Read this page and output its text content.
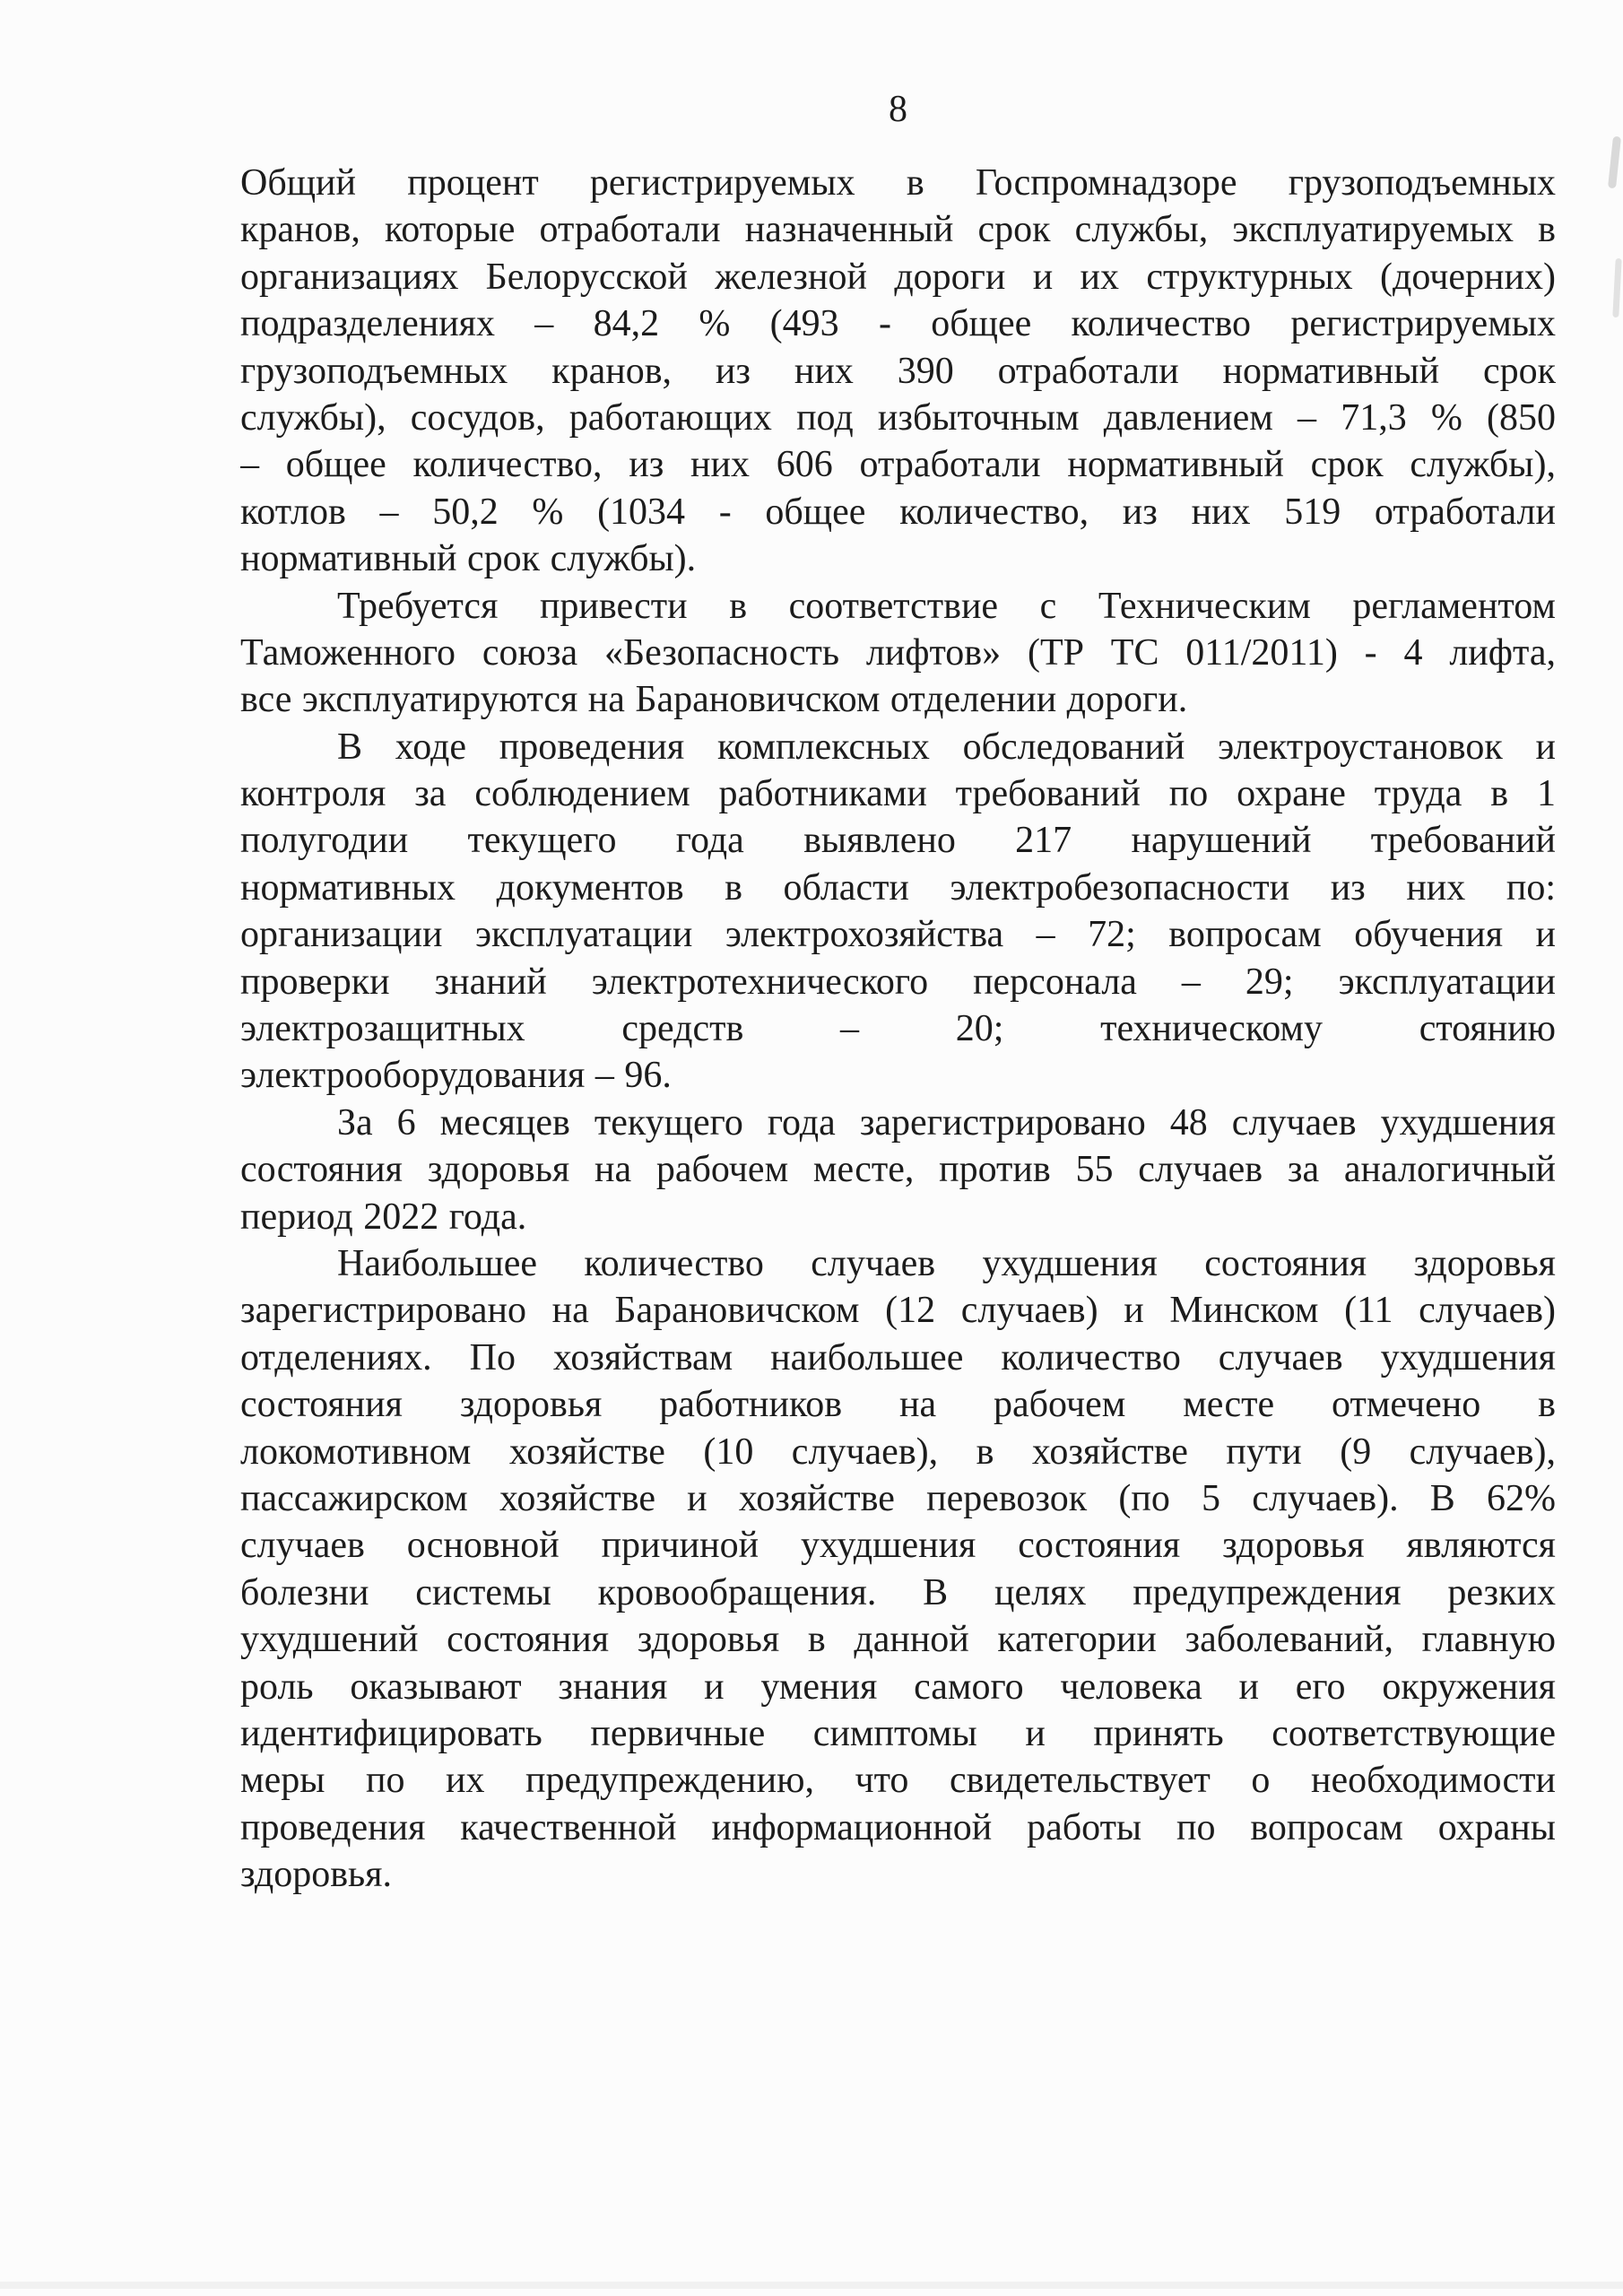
8
Общий процент регистрируемых в Госпромнадзоре грузоподъемных
кранов, которые отработали назначенный срок службы, эксплуатируемых в
организациях Белорусской железной дороги и их структурных (дочерних)
подразделениях – 84,2 % (493 - общее количество регистрируемых
грузоподъемных кранов, из них 390 отработали нормативный срок
службы), сосудов, работающих под избыточным давлением – 71,3 % (850
– общее количество, из них 606 отработали нормативный срок службы),
котлов – 50,2 % (1034 - общее количество, из них 519 отработали
нормативный срок службы).
Требуется привести в соответствие с Техническим регламентом
Таможенного союза «Безопасность лифтов» (ТР ТС 011/2011) - 4 лифта,
все эксплуатируются на Барановичском отделении дороги.
В ходе проведения комплексных обследований электроустановок и
контроля за соблюдением работниками требований по охране труда в 1
полугодии текущего года выявлено 217 нарушений требований
нормативных документов в области электробезопасности из них по:
организации эксплуатации электрохозяйства – 72; вопросам обучения и
проверки знаний электротехнического персонала – 29; эксплуатации
электрозащитных средств – 20; техническому стоянию
электрооборудования – 96.
За 6 месяцев текущего года зарегистрировано 48 случаев ухудшения
состояния здоровья на рабочем месте, против 55 случаев за аналогичный
период 2022 года.
Наибольшее количество случаев ухудшения состояния здоровья
зарегистрировано на Барановичском (12 случаев) и Минском (11 случаев)
отделениях. По хозяйствам наибольшее количество случаев ухудшения
состояния здоровья работников на рабочем месте отмечено в
локомотивном хозяйстве (10 случаев), в хозяйстве пути (9 случаев),
пассажирском хозяйстве и хозяйстве перевозок (по 5 случаев). В 62%
случаев основной причиной ухудшения состояния здоровья являются
болезни системы кровообращения. В целях предупреждения резких
ухудшений состояния здоровья в данной категории заболеваний, главную
роль оказывают знания и умения самого человека и его окружения
идентифицировать первичные симптомы и принять соответствующие
меры по их предупреждению, что свидетельствует о необходимости
проведения качественной информационной работы по вопросам охраны
здоровья.
